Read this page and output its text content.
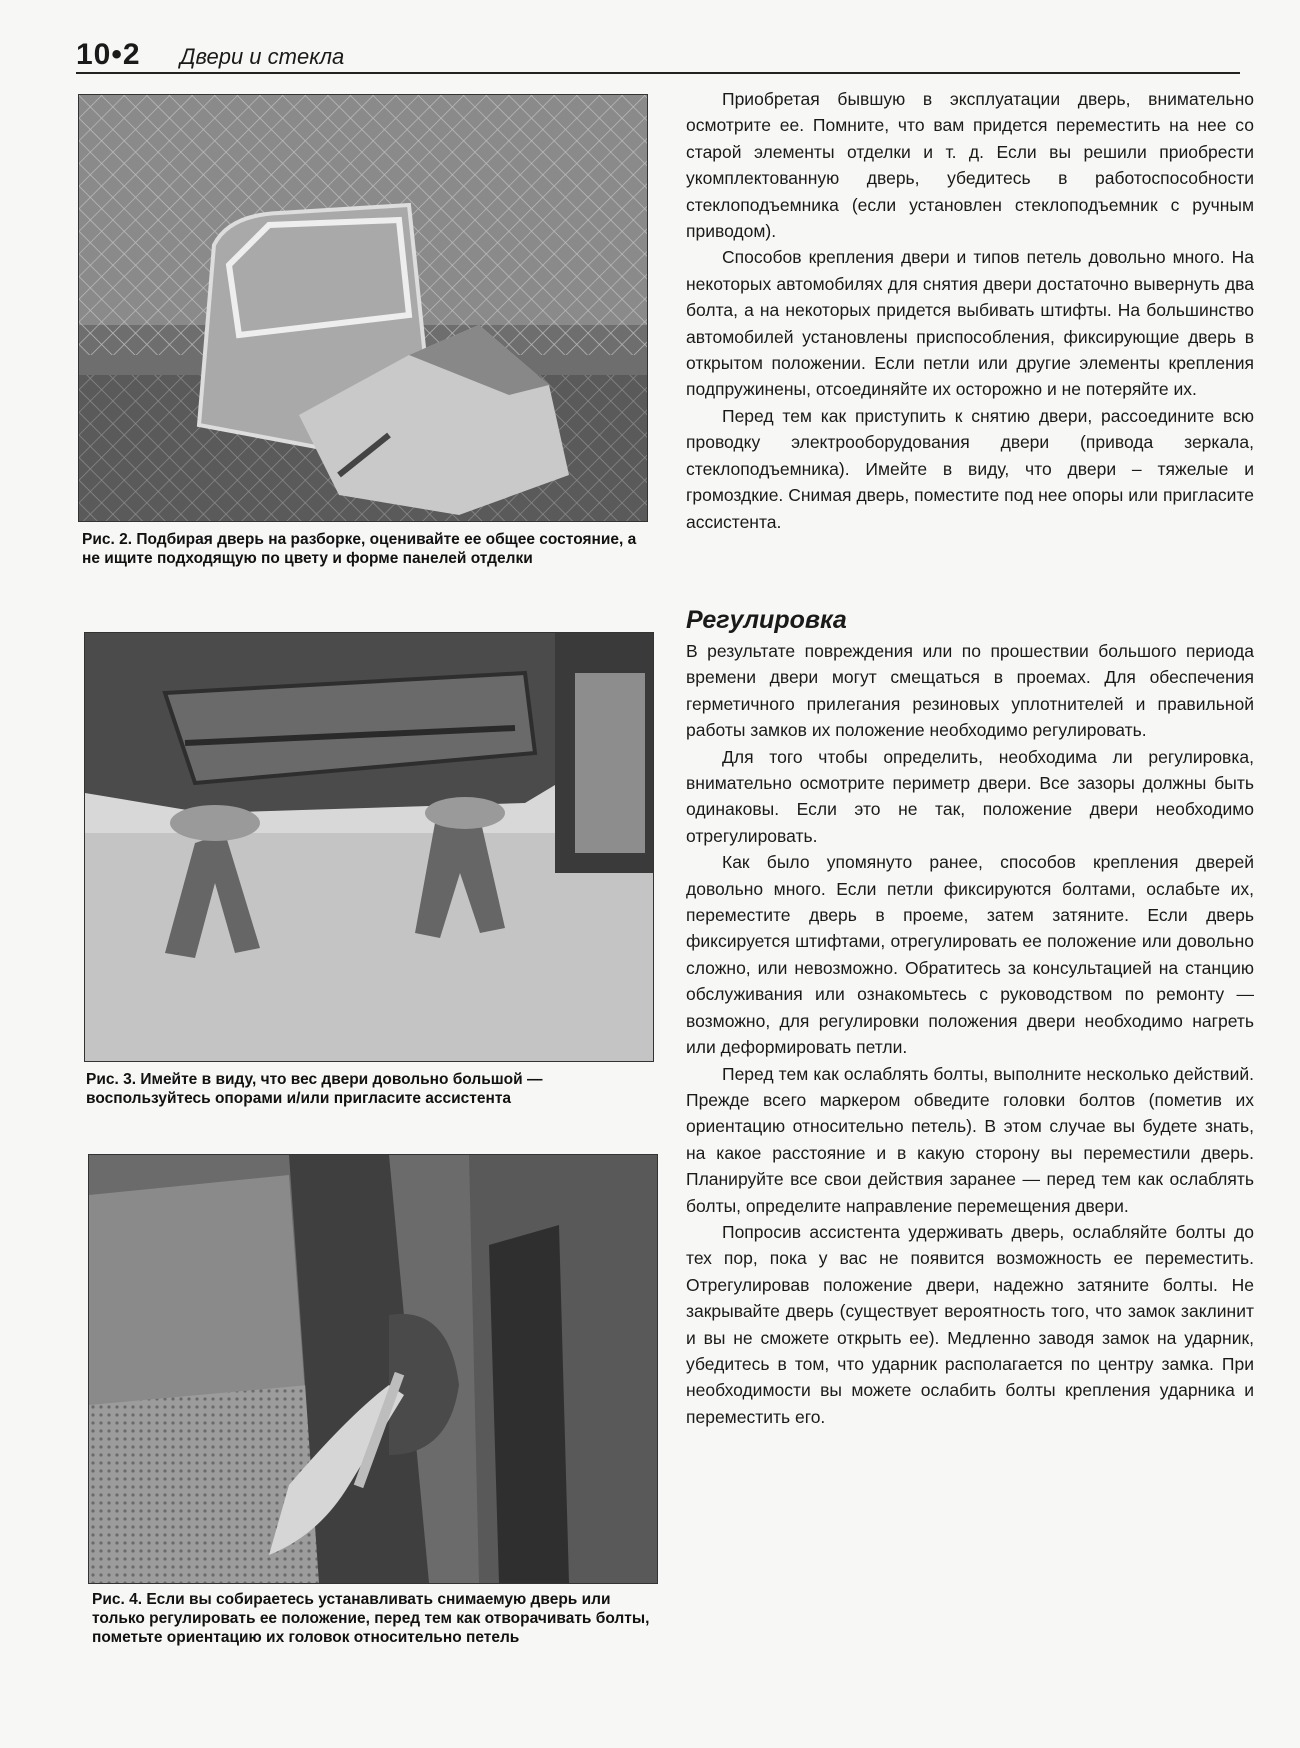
10•2 Двери и стекла
Рис. 2. Подбирая дверь на разборке, оценивайте ее общее состояние, а не ищите подходящую по цвету и форме панелей отделки
Рис. 3. Имейте в виду, что вес двери довольно большой — воспользуйтесь опорами и/или пригласите ассистента
Рис. 4. Если вы собираетесь устанавливать снимаемую дверь или только регулировать ее положение, перед тем как отворачивать болты, пометьте ориентацию их головок относительно петель

Приобретая бывшую в эксплуатации дверь, внимательно осмотрите ее. Помните, что вам придется переместить на нее со старой элементы отделки и т. д. Если вы решили приобрести укомплектованную дверь, убедитесь в работоспособности стеклоподъемника (если установлен стеклоподъемник с ручным приводом).

Способов крепления двери и типов петель довольно много. На некоторых автомобилях для снятия двери достаточно вывернуть два болта, а на некоторых придется выбивать штифты. На большинство автомобилей установлены приспособления, фиксирующие дверь в открытом положении. Если петли или другие элементы крепления подпружинены, отсоединяйте их осторожно и не потеряйте их.

Перед тем как приступить к снятию двери, рассоедините всю проводку электрооборудования двери (привода зеркала, стеклоподъемника). Имейте в виду, что двери – тяжелые и громоздкие. Снимая дверь, поместите под нее опоры или пригласите ассистента.

Регулировка

В результате повреждения или по прошествии большого периода времени двери могут смещаться в проемах. Для обеспечения герметичного прилегания резиновых уплотнителей и правильной работы замков их положение необходимо регулировать.

Для того чтобы определить, необходима ли регулировка, внимательно осмотрите периметр двери. Все зазоры должны быть одинаковы. Если это не так, положение двери необходимо отрегулировать.

Как было упомянуто ранее, способов крепления дверей довольно много. Если петли фиксируются болтами, ослабьте их, переместите дверь в проеме, затем затяните. Если дверь фиксируется штифтами, отрегулировать ее положение или довольно сложно, или невозможно. Обратитесь за консультацией на станцию обслуживания или ознакомьтесь с руководством по ремонту — возможно, для регулировки положения двери необходимо нагреть или деформировать петли.

Перед тем как ослаблять болты, выполните несколько действий. Прежде всего маркером обведите головки болтов (пометив их ориентацию относительно петель). В этом случае вы будете знать, на какое расстояние и в какую сторону вы переместили дверь. Планируйте все свои действия заранее — перед тем как ослаблять болты, определите направление перемещения двери.

Попросив ассистента удерживать дверь, ослабляйте болты до тех пор, пока у вас не появится возможность ее переместить. Отрегулировав положение двери, надежно затяните болты. Не закрывайте дверь (существует вероятность того, что замок заклинит и вы не сможете открыть ее). Медленно заводя замок на ударник, убедитесь в том, что ударник располагается по центру замка. При необходимости вы можете ослабить болты крепления ударника и переместить его.
